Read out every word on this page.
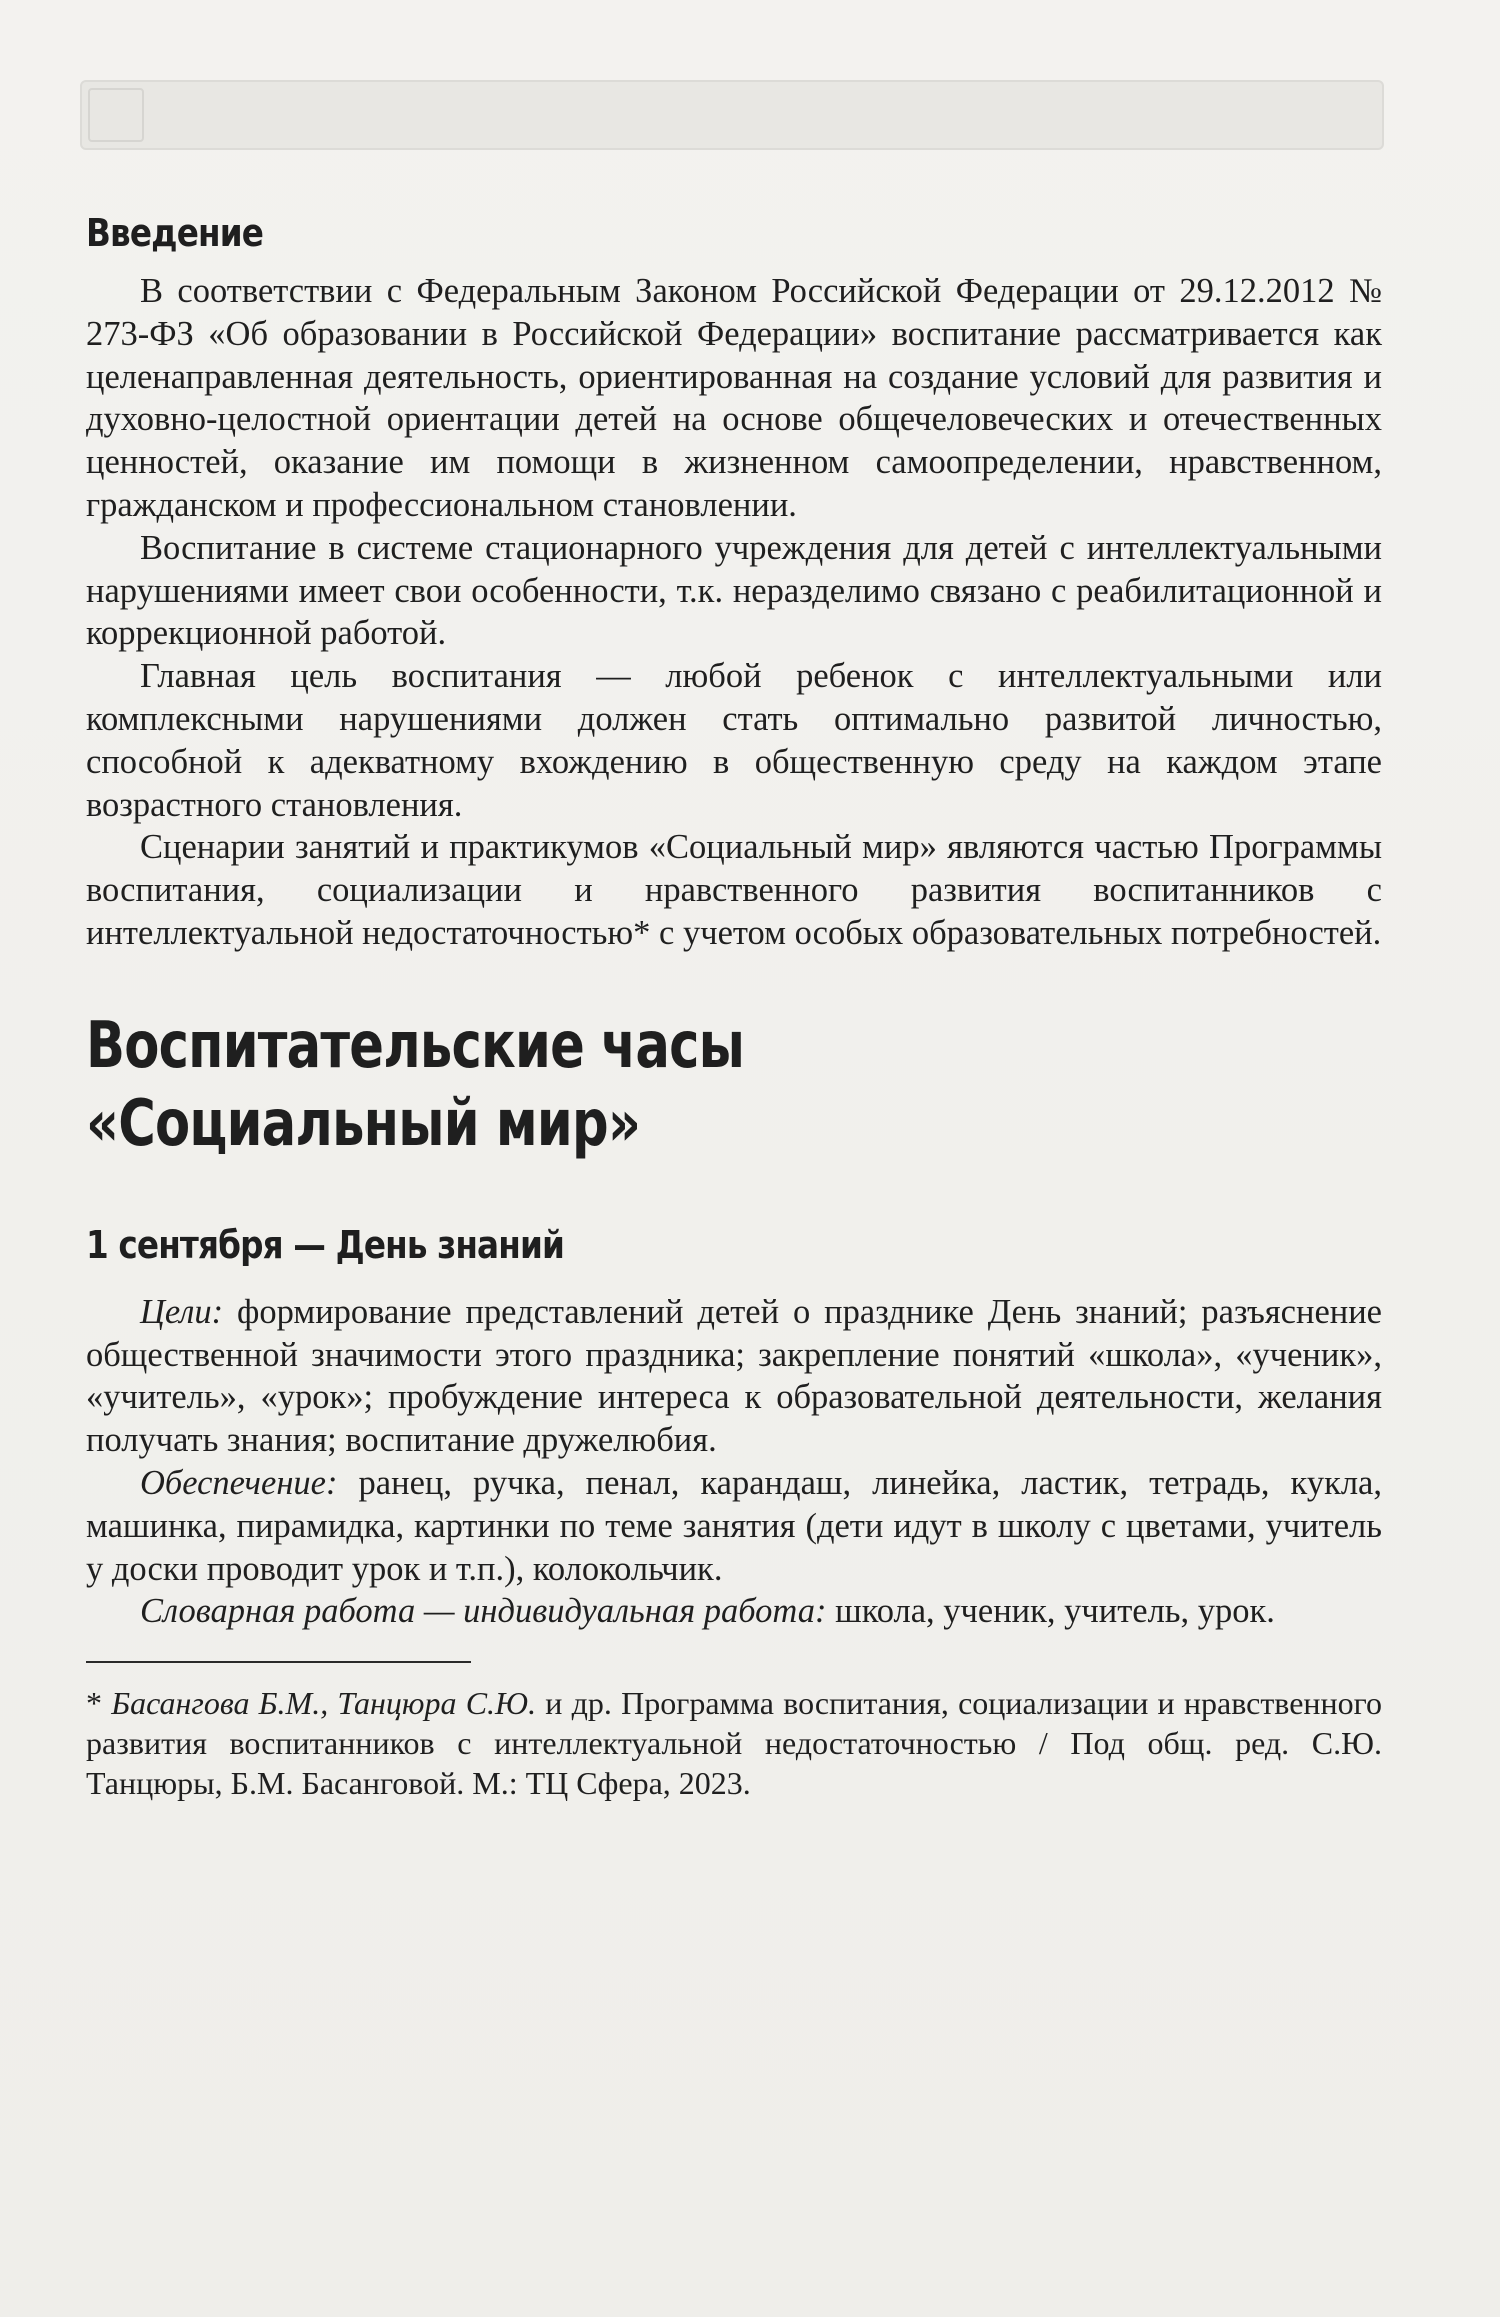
Введение

В соответствии с Федеральным Законом Российской Федерации от 29.12.2012 № 273-ФЗ «Об образовании в Российской Федерации» воспитание рассматривается как целенаправленная деятельность, ориентированная на создание условий для развития и духовно-целостной ориентации детей на основе общечеловеческих и отечественных ценностей, оказание им помощи в жизненном самоопределении, нравственном, гражданском и профессиональном становлении.

Воспитание в системе стационарного учреждения для детей с интеллектуальными нарушениями имеет свои особенности, т.к. неразделимо связано с реабилитационной и коррекционной работой.

Главная цель воспитания — любой ребенок с интеллектуальными или комплексными нарушениями должен стать оптимально развитой личностью, способной к адекватному вхождению в общественную среду на каждом этапе возрастного становления.

Сценарии занятий и практикумов «Социальный мир» являются частью Программы воспитания, социализации и нравственного развития воспитанников с интеллектуальной недостаточностью* с учетом особых образовательных потребностей.

Воспитательские часы
«Социальный мир»
1 сентября — День знаний

Цели: формирование представлений детей о празднике День знаний; разъяснение общественной значимости этого праздника; закрепление понятий «школа», «ученик», «учитель», «урок»; пробуждение интереса к образовательной деятельности, желания получать знания; воспитание дружелюбия.

Обеспечение: ранец, ручка, пенал, карандаш, линейка, ластик, тетрадь, кукла, машинка, пирамидка, картинки по теме занятия (дети идут в школу с цветами, учитель у доски проводит урок и т.п.), колокольчик.

Словарная работа — индивидуальная работа: школа, ученик, учитель, урок.

* Басангова Б.М., Танцюра С.Ю. и др. Программа воспитания, социализации и нравственного развития воспитанников с интеллектуальной недостаточностью / Под общ. ред. С.Ю. Танцюры, Б.М. Басанговой. М.: ТЦ Сфера, 2023.
